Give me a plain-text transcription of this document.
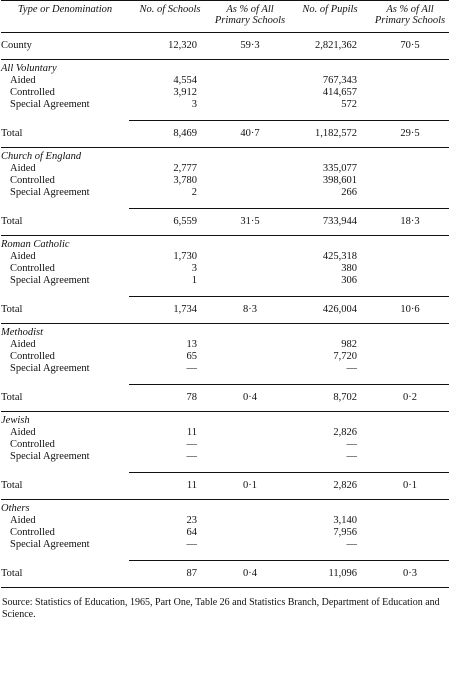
Type or Denomination	No. of Schools	As % of All Primary Schools	No. of Pupils	As % of All Primary Schools
County	12,320	59·3	2,821,362	70·5
All Voluntary				
Aided	4,554		767,343	
Controlled	3,912		414,657	
Special Agreement	3		572	

Total	8,469	40·7	1,182,572	29·5
Church of England				
Aided	2,777		335,077	
Controlled	3,780		398,601	
Special Agreement	2		266	

Total	6,559	31·5	733,944	18·3
Roman Catholic				
Aided	1,730		425,318	
Controlled	3		380	
Special Agreement	1		306	

Total	1,734	8·3	426,004	10·6
Methodist				
Aided	13		982	
Controlled	65		7,720	
Special Agreement	—		—	

Total	78	0·4	8,702	0·2
Jewish				
Aided	11		2,826	
Controlled	—		—	
Special Agreement	—		—	

Total	11	0·1	2,826	0·1
Others				
Aided	23		3,140	
Controlled	64		7,956	
Special Agreement	—		—	

Total	87	0·4	11,096	0·3
Source: Statistics of Education, 1965, Part One, Table 26 and Statistics Branch, Department of Education and Science.
